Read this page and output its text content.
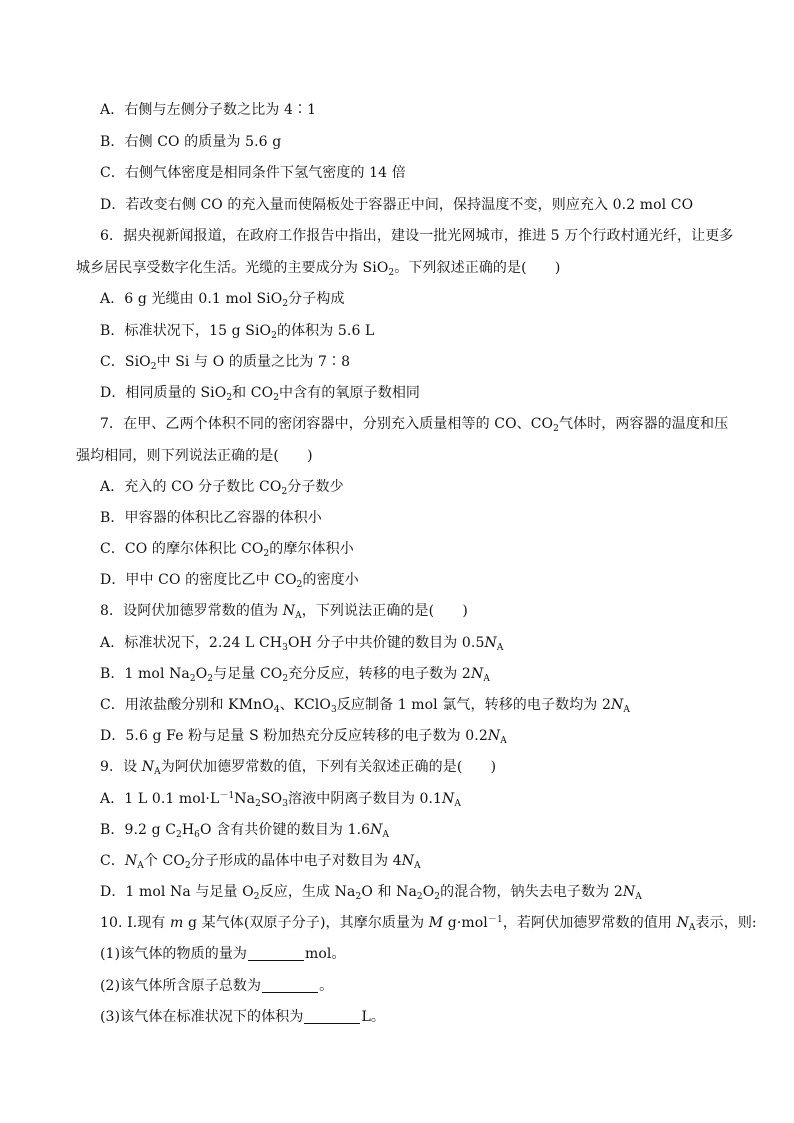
A．右侧与左侧分子数之比为 4∶1
B．右侧 CO 的质量为 5.6 g
C．右侧气体密度是相同条件下氢气密度的 14 倍
D．若改变右侧 CO 的充入量而使隔板处于容器正中间，保持温度不变，则应充入 0.2 mol CO
6．据央视新闻报道，在政府工作报告中指出，建设一批光网城市，推进 5 万个行政村通光纤，让更多
城乡居民享受数字化生活。光缆的主要成分为 SiO$_2$。下列叙述正确的是(　　)
A．6 g 光缆由 0.1 mol SiO$_2$分子构成
B．标准状况下，15 g SiO$_2$的体积为 5.6 L
C．SiO$_2$中 Si 与 O 的质量之比为 7∶8
D．相同质量的 SiO$_2$和 $CO_2$中含有的氧原子数相同
7．在甲、乙两个体积不同的密闭容器中，分别充入质量相等的 CO、$CO_2$气体时，两容器的温度和压
强均相同，则下列说法正确的是(　　)
A．充入的 CO 分子数比 $CO_2$分子数少
B．甲容器的体积比乙容器的体积小
C．CO 的摩尔体积比 $CO_2$的摩尔体积小
D．甲中 CO 的密度比乙中 $CO_2$的密度小
8．设阿伏加德罗常数的值为 $N_A$，下列说法正确的是(　　)
A．标准状况下，2.24 L $CH_3OH$ 分子中共价键的数目为 $0.5N_A$
B．1 mol $Na_2O_2$与足量 $CO_2$充分反应，转移的电子数为 $2N_A$
C．用浓盐酸分别和 KMnO$_4$、KClO$_3$反应制备 1 mol 氯气，转移的电子数均为 $2N_A$
D．5.6 g Fe 粉与足量 S 粉加热充分反应转移的电子数为 $0.2N_A$
9．设 $N_A$为阿伏加德罗常数的值，下列有关叙述正确的是(　　)
A．1 L 0.1 $mol\cdot L^{-1}Na_2SO_3$溶液中阴离子数目为 $0.1N_A$
B．9.2 g $C_2H_6O$ 含有共价键的数目为 $1.6N_A$
C．$N_A$个 $CO_2$分子形成的晶体中电子对数目为 $4N_A$
D．1 mol Na 与足量 $O_2$反应，生成 $Na_2O$ 和 $Na_2O_2$的混合物，钠失去电子数为 $2N_A$
10. Ⅰ.现有 m g 某气体(双原子分子)，其摩尔质量为 M g·mol$^{-1}$，若阿伏加德罗常数的值用 $N_A$表示，则:
(1)该气体的物质的量为	mol。
(2)该气体所含原子总数为	。
(3)该气体在标准状况下的体积为	L。
